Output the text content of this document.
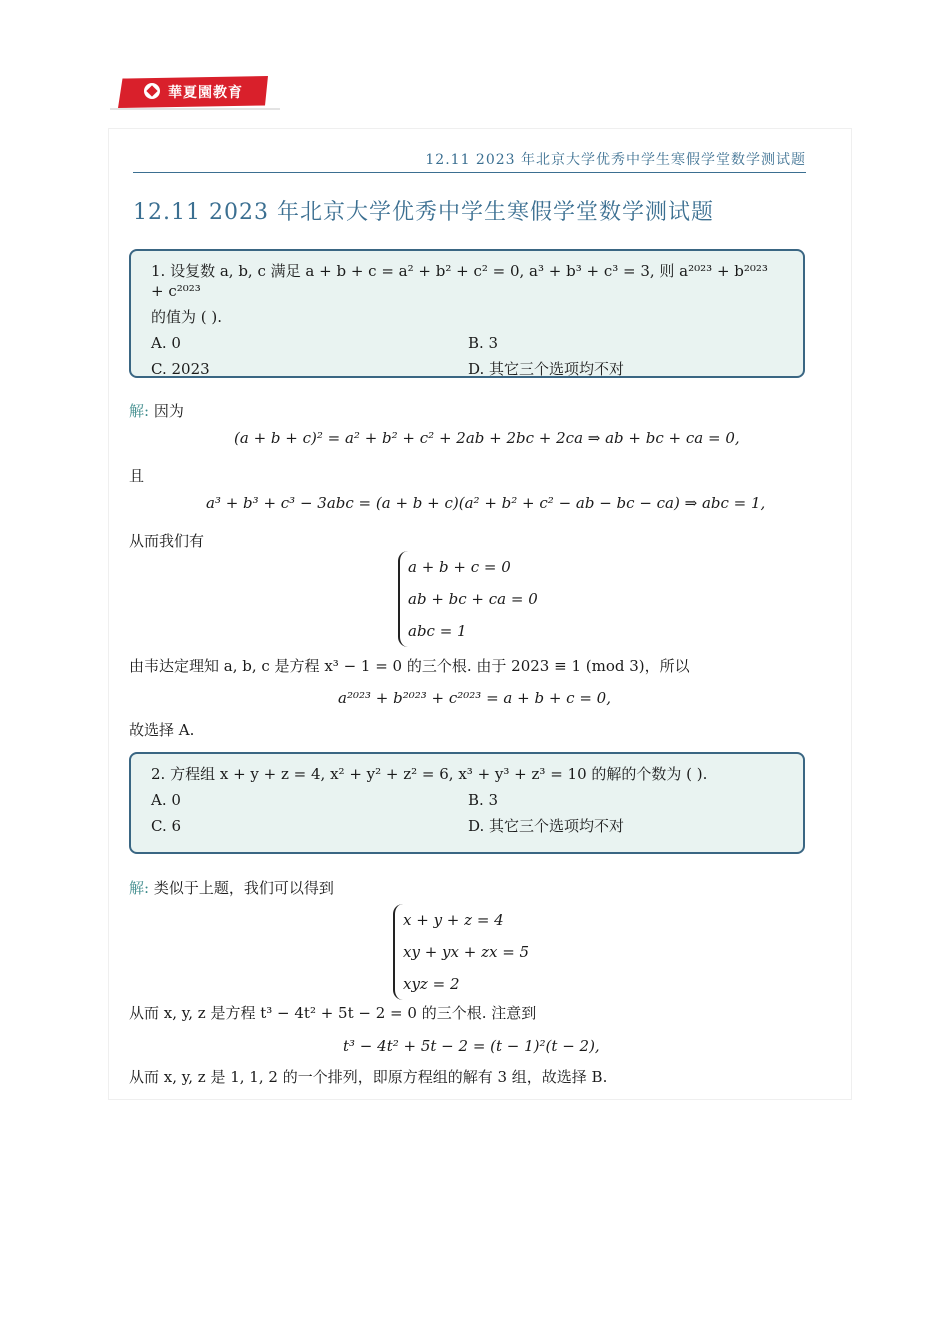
華夏園教育
12.11 2023 年北京大学优秀中学生寒假学堂数学测试题
12.11 2023 年北京大学优秀中学生寒假学堂数学测试题
1. 设复数 a, b, c 满足 a + b + c = a² + b² + c² = 0, a³ + b³ + c³ = 3, 则 a²⁰²³ + b²⁰²³ + c²⁰²³
的值为 ( ).
A. 0	B. 3
C. 2023	D. 其它三个选项均不对
解: 因为
(a + b + c)² = a² + b² + c² + 2ab + 2bc + 2ca ⇒ ab + bc + ca = 0,
且
a³ + b³ + c³ − 3abc = (a + b + c)(a² + b² + c² − ab − bc − ca) ⇒ abc = 1,
从而我们有
a + b + c = 0
ab + bc + ca = 0
abc = 1
由韦达定理知 a, b, c 是方程 x³ − 1 = 0 的三个根. 由于 2023 ≡ 1 (mod 3)，所以
a²⁰²³ + b²⁰²³ + c²⁰²³ = a + b + c = 0,
故选择 A.
2. 方程组 x + y + z = 4, x² + y² + z² = 6, x³ + y³ + z³ = 10 的解的个数为 ( ).
A. 0	B. 3
C. 6	D. 其它三个选项均不对
解: 类似于上题，我们可以得到
x + y + z = 4
xy + yx + zx = 5
xyz = 2
从而 x, y, z 是方程 t³ − 4t² + 5t − 2 = 0 的三个根. 注意到
t³ − 4t² + 5t − 2 = (t − 1)²(t − 2),
从而 x, y, z 是 1, 1, 2 的一个排列，即原方程组的解有 3 组，故选择 B.
